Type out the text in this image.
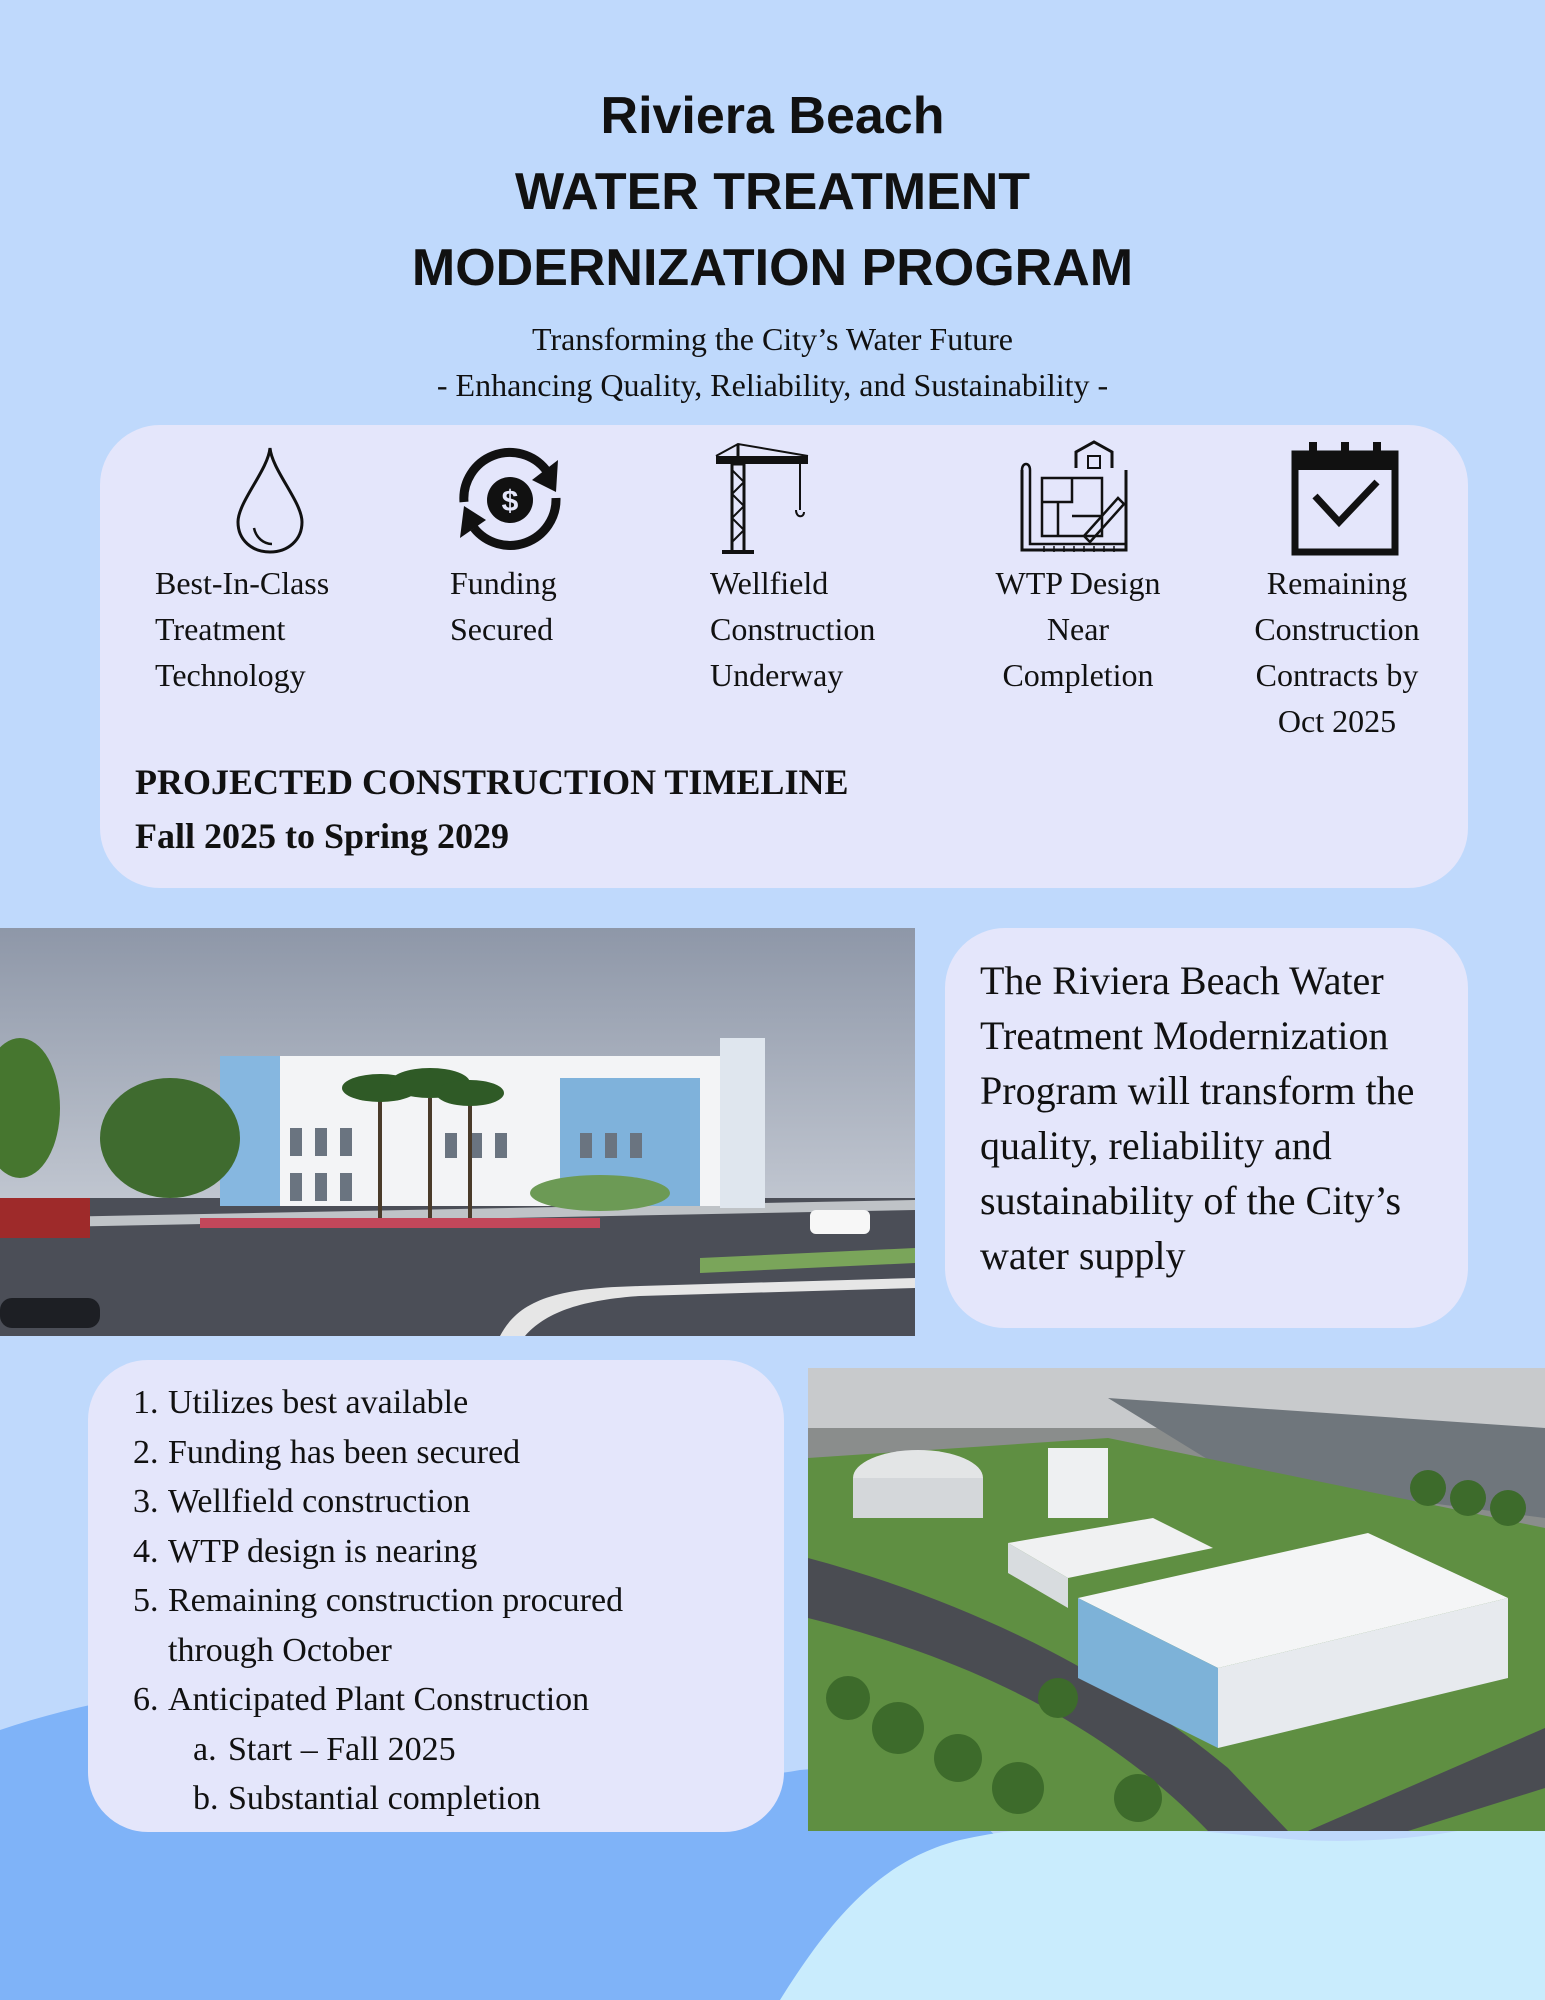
Riviera Beach
WATER TREATMENT
MODERNIZATION PROGRAM
Transforming the City’s Water Future
- Enhancing Quality, Reliability, and Sustainability -
Best-In-Class
Treatment
Technology
$
Funding
Secured
Wellfield
Construction
Underway
WTP Design
Near
Completion
Remaining
Construction
Contracts by
Oct 2025
PROJECTED CONSTRUCTION TIMELINE
Fall 2025 to Spring 2029
The Riviera Beach Water Treatment Modernization Program will transform the quality, reliability and sustainability of the City’s water supply
1. Utilizes best available
2. Funding has been secured
3. Wellfield construction
4. WTP design is nearing
5. Remaining construction procured
through October
6. Anticipated Plant Construction
a. Start – Fall 2025
b. Substantial completion
